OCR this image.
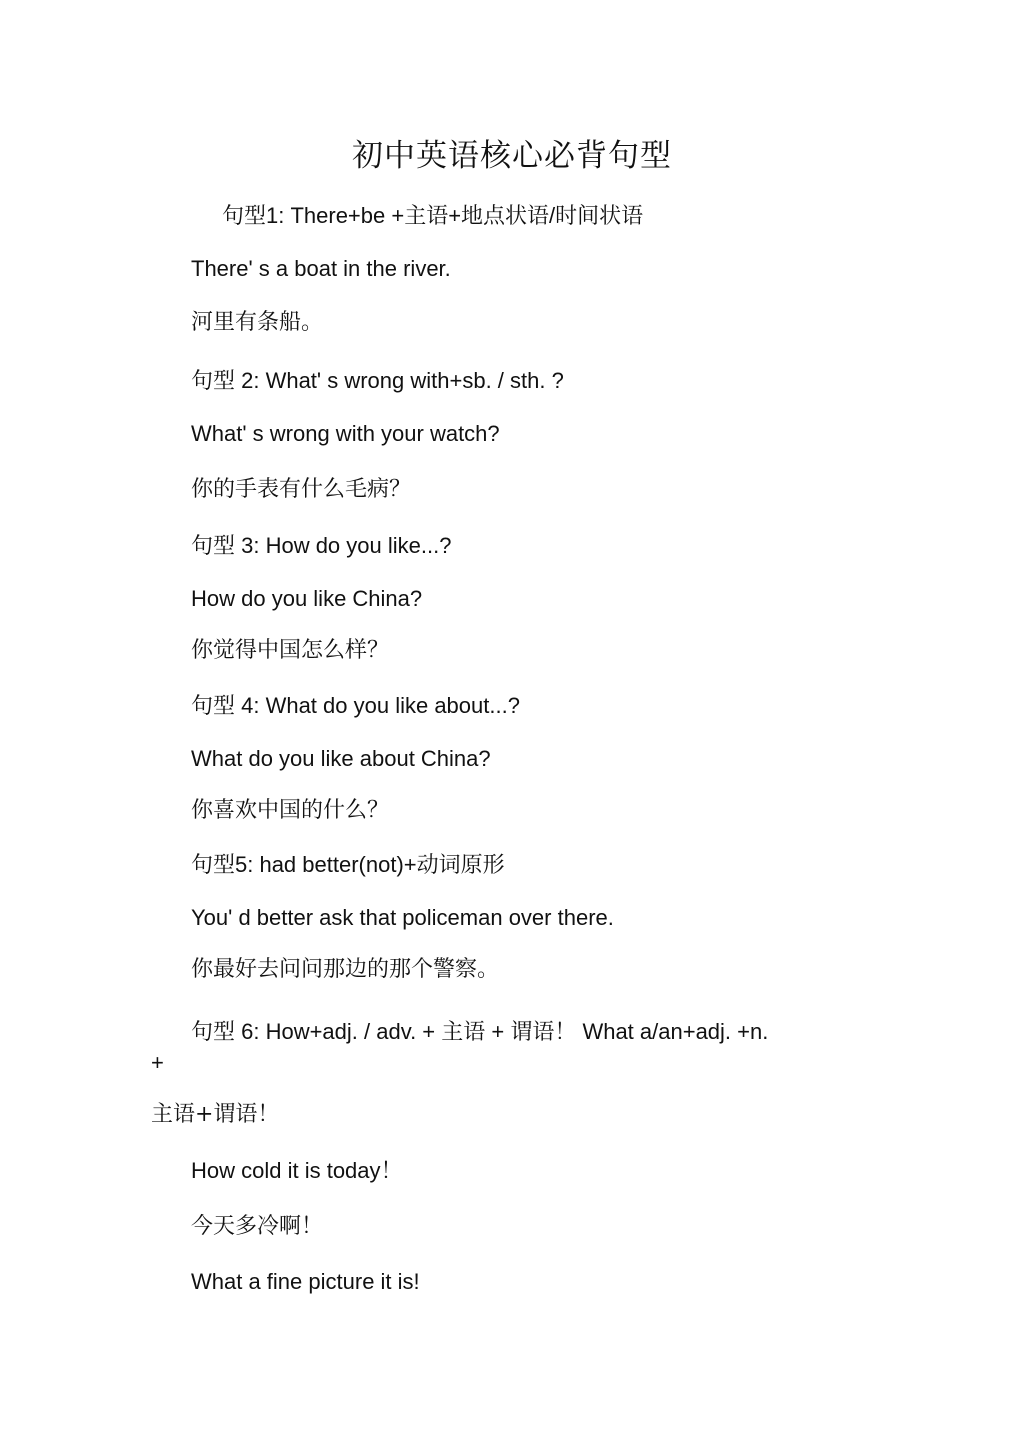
初中英语核心必背句型
句型1: There+be +主语+地点状语/时间状语
There' s a boat in the river.
河里有条船。
句型 2: What' s wrong with+sb. / sth. ?
What' s wrong with your watch?
你的手表有什么毛病？
句型 3: How do you like...?
How do you like China?
你觉得中国怎么样？
句型 4: What do you like about...?
What do you like about China?
你喜欢中国的什么？
句型5: had better(not)+动词原形
You' d better ask that policeman over there.
你最好去问问那边的那个警察。
句型 6: How+adj. / adv. + 主语 + 谓语！ What a/an+adj. +n.
+
主语+谓语！
How cold it is today！
今天多冷啊！
What a fine picture it is!
